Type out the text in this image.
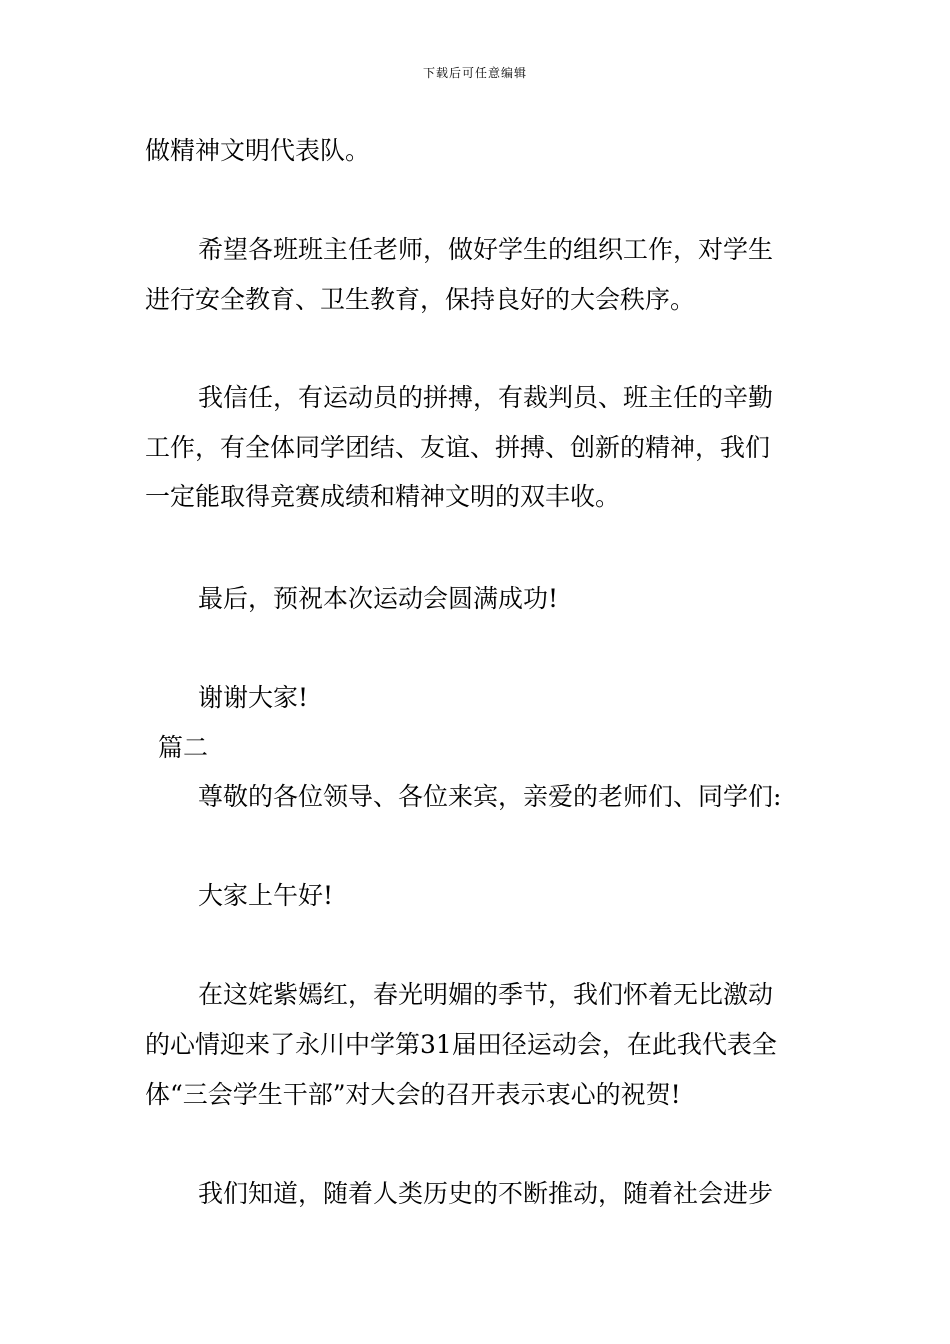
下载后可任意编辑
做精神文明代表队。
希望各班班主任老师，做好学生的组织工作，对学生
进行安全教育、卫生教育，保持良好的大会秩序。
我信任，有运动员的拼搏，有裁判员、班主任的辛勤
工作，有全体同学团结、友谊、拼搏、创新的精神，我们
一定能取得竞赛成绩和精神文明的双丰收。
最后，预祝本次运动会圆满成功!
谢谢大家!
篇二
尊敬的各位领导、各位来宾，亲爱的老师们、同学们:
大家上午好!
在这姹紫嫣红，春光明媚的季节，我们怀着无比激动
的心情迎来了永川中学第31届田径运动会，在此我代表全
体“三会学生干部”对大会的召开表示衷心的祝贺!
我们知道，随着人类历史的不断推动，随着社会进步
